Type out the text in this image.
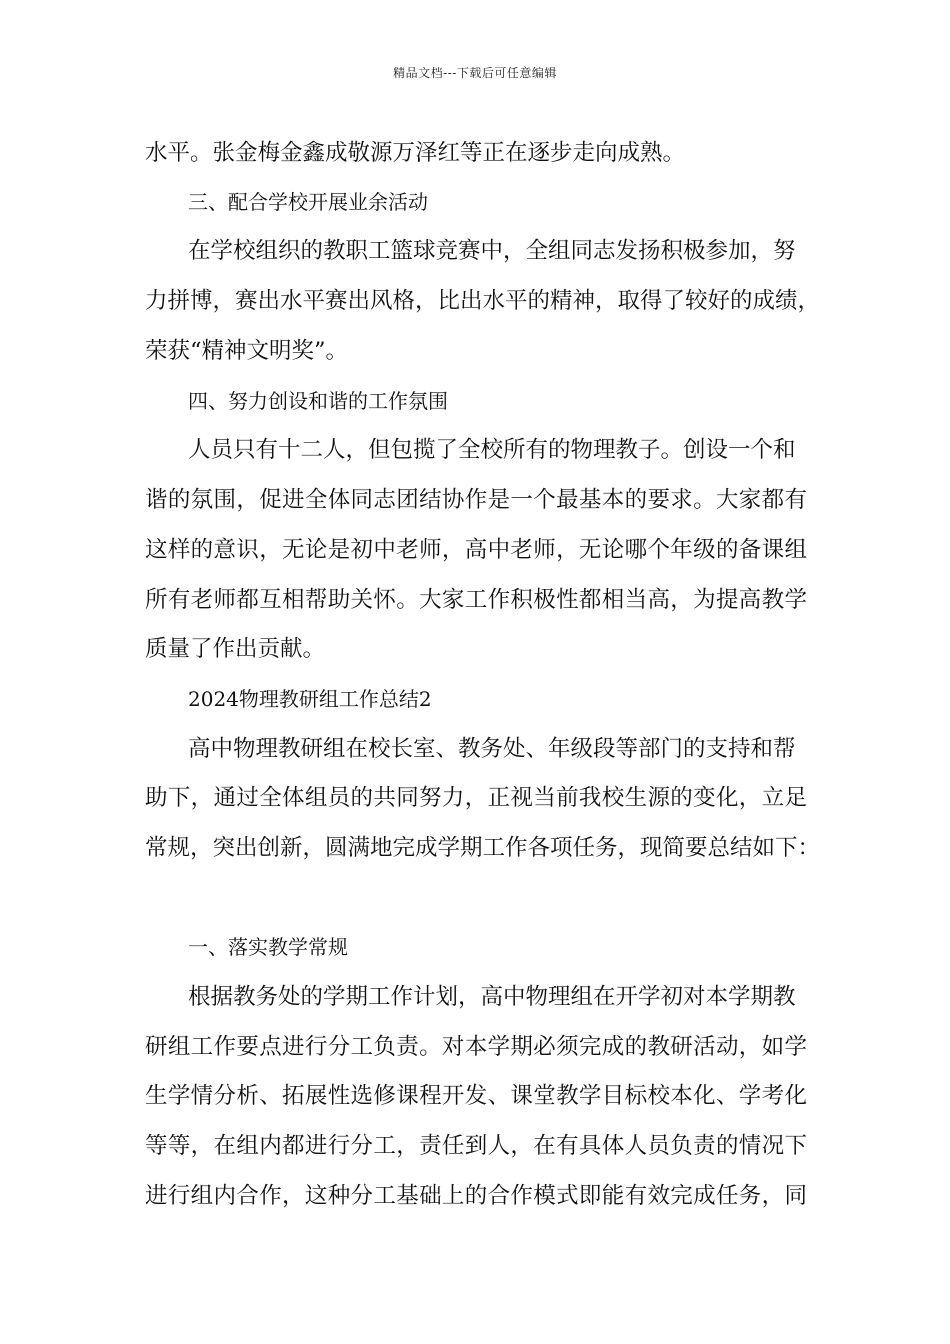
精品文档---下载后可任意编辑
水平。张金梅金鑫成敬源万泽红等正在逐步走向成熟。
三、配合学校开展业余活动
在学校组织的教职工篮球竞赛中，全组同志发扬积极参加，努
力拼博，赛出水平赛出风格，比出水平的精神，取得了较好的成绩，
荣获“精神文明奖”。
四、努力创设和谐的工作氛围
人员只有十二人，但包揽了全校所有的物理教子。创设一个和
谐的氛围，促进全体同志团结协作是一个最基本的要求。大家都有
这样的意识，无论是初中老师，高中老师，无论哪个年级的备课组
所有老师都互相帮助关怀。大家工作积极性都相当高，为提高教学
质量了作出贡献。
2024物理教研组工作总结2
高中物理教研组在校长室、教务处、年级段等部门的支持和帮
助下，通过全体组员的共同努力，正视当前我校生源的变化，立足
常规，突出创新，圆满地完成学期工作各项任务，现简要总结如下：
一、落实教学常规
根据教务处的学期工作计划，高中物理组在开学初对本学期教
研组工作要点进行分工负责。对本学期必须完成的教研活动，如学
生学情分析、拓展性选修课程开发、课堂教学目标校本化、学考化
等等，在组内都进行分工，责任到人，在有具体人员负责的情况下
进行组内合作，这种分工基础上的合作模式即能有效完成任务，同
